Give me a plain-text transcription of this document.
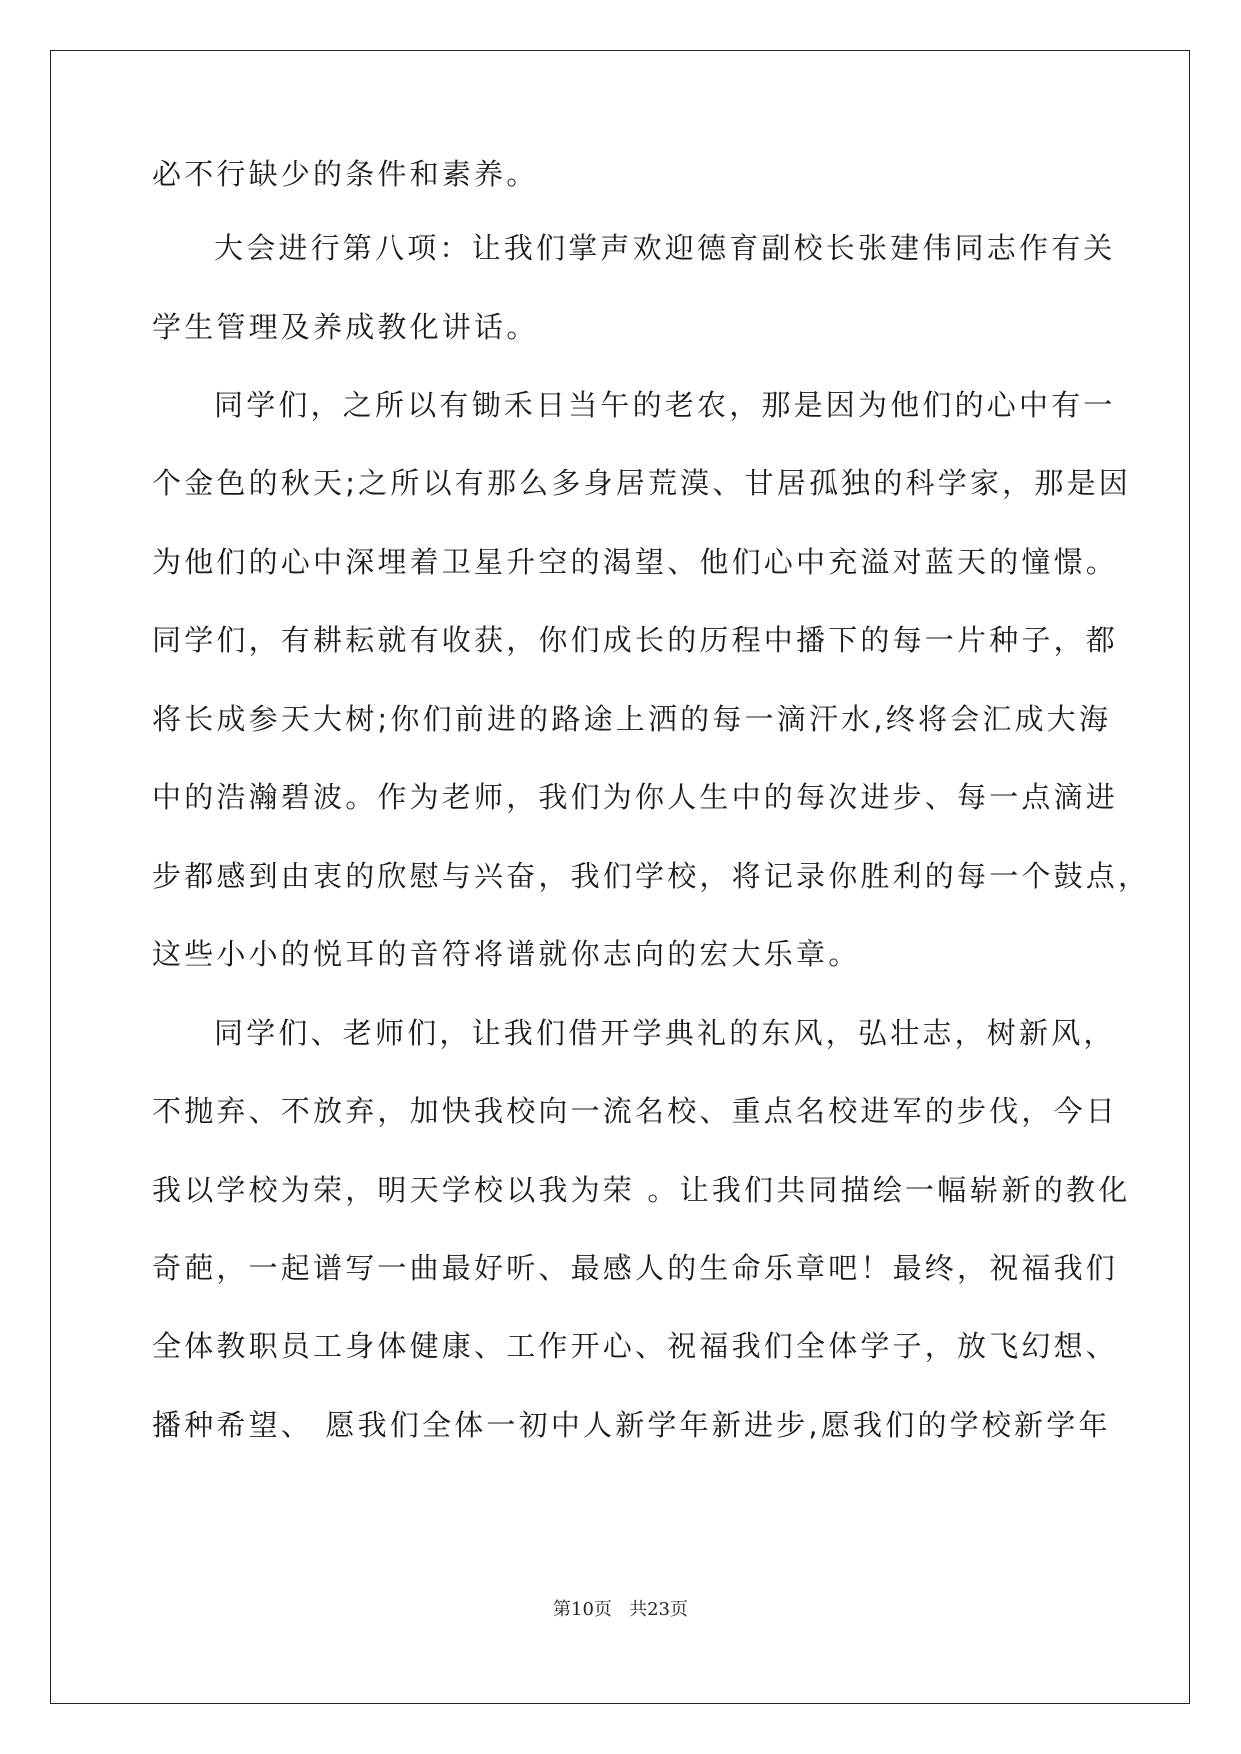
必不行缺少的条件和素养。
大会进行第八项：让我们掌声欢迎德育副校长张建伟同志作有关
学生管理及养成教化讲话。
同学们，之所以有锄禾日当午的老农，那是因为他们的心中有一
个金色的秋天;之所以有那么多身居荒漠、甘居孤独的科学家，那是因
为他们的心中深埋着卫星升空的渴望、他们心中充溢对蓝天的憧憬。
同学们，有耕耘就有收获，你们成长的历程中播下的每一片种子，都
将长成参天大树;你们前进的路途上洒的每一滴汗水,终将会汇成大海
中的浩瀚碧波。作为老师，我们为你人生中的每次进步、每一点滴进
步都感到由衷的欣慰与兴奋，我们学校，将记录你胜利的每一个鼓点，
这些小小的悦耳的音符将谱就你志向的宏大乐章。
同学们、老师们，让我们借开学典礼的东风，弘壮志，树新风，
不抛弃、不放弃，加快我校向一流名校、重点名校进军的步伐，今日
我以学校为荣，明天学校以我为荣 。让我们共同描绘一幅崭新的教化
奇葩，一起谱写一曲最好听、最感人的生命乐章吧！最终，祝福我们
全体教职员工身体健康、工作开心、祝福我们全体学子，放飞幻想、
播种希望、 愿我们全体一初中人新学年新进步,愿我们的学校新学年
第10页   共23页
